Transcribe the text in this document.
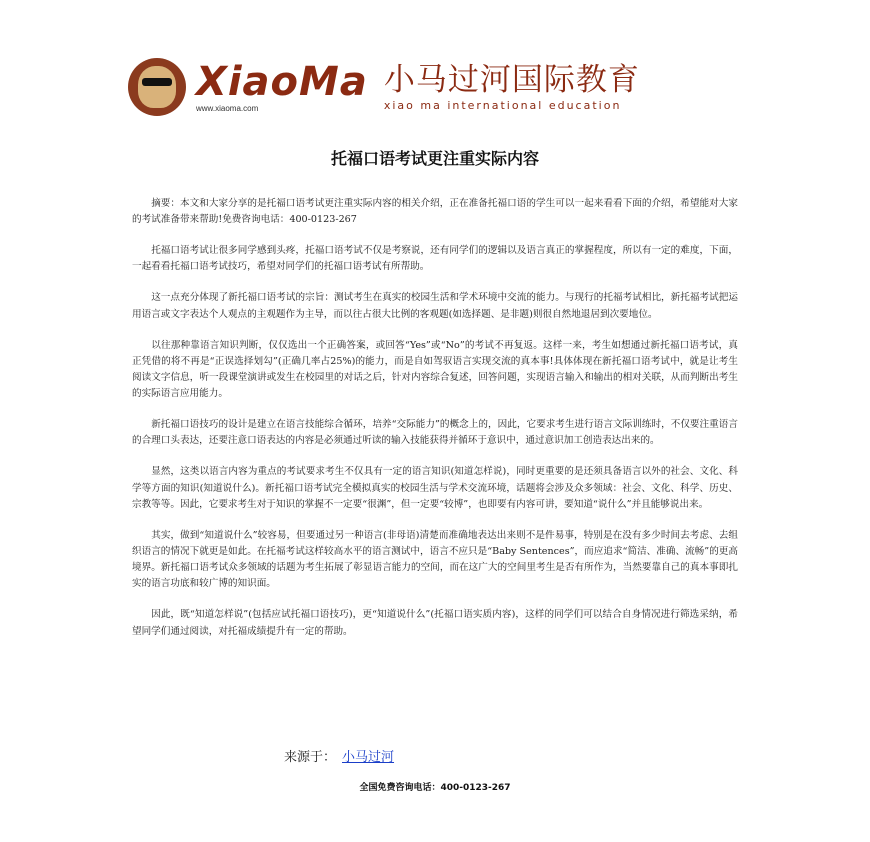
XiaoMa
www.xiaoma.com
小马过河国际教育
xiao ma international education
托福口语考试更注重实际内容

摘要：本文和大家分享的是托福口语考试更注重实际内容的相关介绍，正在准备托福口语的学生可以一起来看看下面的介绍，希望能对大家的考试准备带来帮助!免费咨询电话：400-0123-267

托福口语考试让很多同学感到头疼，托福口语考试不仅是考察说，还有同学们的逻辑以及语言真正的掌握程度，所以有一定的难度，下面，一起看看托福口语考试技巧，希望对同学们的托福口语考试有所帮助。

这一点充分体现了新托福口语考试的宗旨：测试考生在真实的校园生活和学术环境中交流的能力。与现行的托福考试相比，新托福考试把运用语言或文字表达个人观点的主观题作为主导，而以往占很大比例的客观题(如选择题、是非题)则很自然地退居到次要地位。

以往那种靠语言知识判断，仅仅选出一个正确答案，或回答“Yes”或“No”的考试不再复返。这样一来，考生如想通过新托福口语考试，真正凭借的将不再是“正误选择划勾”(正确几率占25%)的能力，而是自如驾驭语言实现交流的真本事!具体体现在新托福口语考试中，就是让考生阅读文字信息，听一段课堂演讲或发生在校园里的对话之后，针对内容综合复述，回答问题，实现语言输入和输出的相对关联，从而判断出考生的实际语言应用能力。

新托福口语技巧的设计是建立在语言技能综合循环，培养“交际能力”的概念上的，因此，它要求考生进行语言文际训练时，不仅要注重语言的合理口头表达，还要注意口语表达的内容是必须通过听读的输入技能获得并循环于意识中，通过意识加工创造表达出来的。

显然，这类以语言内容为重点的考试要求考生不仅具有一定的语言知识(知道怎样说)，同时更重要的是还须具备语言以外的社会、文化、科学等方面的知识(知道说什么)。新托福口语考试完全模拟真实的校园生活与学术交流环境，话题将会涉及众多领域：社会、文化、科学、历史、宗教等等。因此，它要求考生对于知识的掌握不一定要“很渊”，但一定要“较博”，也即要有内容可讲，要知道“说什么”并且能够说出来。

其实，做到“知道说什么”较容易，但要通过另一种语言(非母语)清楚而准确地表达出来则不是件易事，特别是在没有多少时间去考虑、去组织语言的情况下就更是如此。在托福考试这样较高水平的语言测试中，语言不应只是“Baby Sentences”，而应追求“简洁、准确、流畅”的更高境界。新托福口语考试众多领域的话题为考生拓展了彰显语言能力的空间，而在这广大的空间里考生是否有所作为，当然要靠自己的真本事即扎实的语言功底和较广博的知识面。

因此，既“知道怎样说”(包括应试托福口语技巧)，更“知道说什么”(托福口语实质内容)，这样的同学们可以结合自身情况进行筛选采纳，希望同学们通过阅读，对托福成绩提升有一定的帮助。

来源于： 小马过河
全国免费咨询电话：400-0123-267
